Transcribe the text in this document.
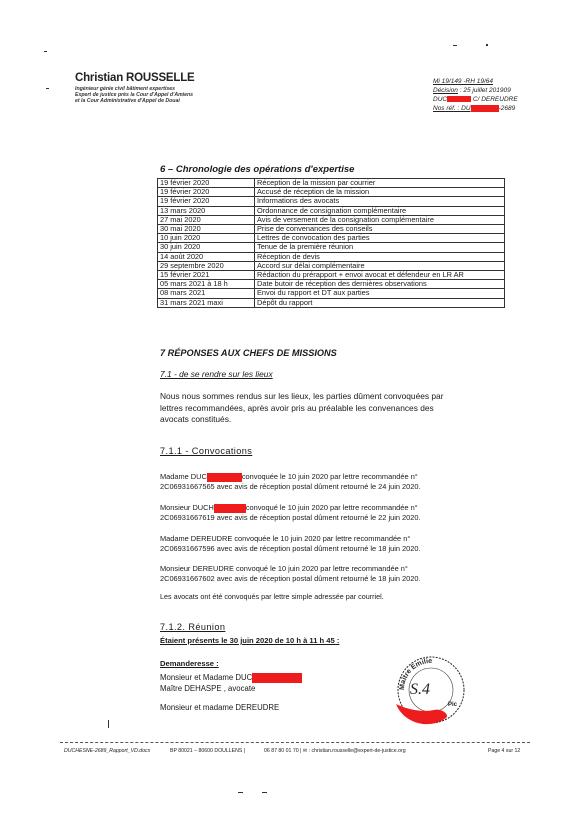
Christian ROUSSELLE
Ingénieur génie civil bâtiment expertises
Expert de justice près la Cour d'Appel d'Amiens
et la Cour Administrative d'Appel de Douai
Mi 19/149 -RH 19/64
Décision : 25 juillet 201909
DUC	C/ DEREUDRE
Nos réf. : DU	-2689
6 – Chronologie des opérations d'expertise
19 février 2020	Réception de la mission par courrier
19 février 2020	Accusé de réception de la mission
19 février 2020	Informations des avocats
13 mars 2020	Ordonnance de consignation complémentaire
27 mai 2020	Avis de versement de la consignation complémentaire
30 mai 2020	Prise de convenances des conseils
10 juin 2020	Lettres de convocation des parties
30 juin 2020	Tenue de la première réunion
14 août 2020	Réception de devis
29 septembre 2020	Accord sur délai complémentaire
15 février 2021	Rédaction du prérapport + envoi avocat et défendeur en LR AR
05 mars 2021 à 18 h	Date butoir de réception des dernières observations
08 mars 2021	Envoi du rapport et DT aux parties
31 mars 2021 maxi	Dépôt du rapport
7 RÉPONSES AUX CHEFS DE MISSIONS
7.1 - de se rendre sur les lieux
Nous nous sommes rendus sur les lieux, les parties dûment convoquées par lettres recommandées, après avoir pris au préalable les convenances des avocats constitués.
7.1.1 - Convocations
Madame DUC	convoquée le 10 juin 2020 par lettre recommandée n°
2C06931667565 avec avis de réception postal dûment retourné le 24 juin 2020.
Monsieur DUCH	convoqué le 10 juin 2020 par lettre recommandée n°
2C06931667619 avec avis de réception postal dûment retourné le 22 juin 2020.
Madame DEREUDRE convoquée le 10 juin 2020 par lettre recommandée n°
2C06931667596 avec avis de réception postal dûment retourné le 18 juin 2020.
Monsieur DEREUDRE convoqué le 10 juin 2020 par lettre recommandée n°
2C06931667602 avec avis de réception postal dûment retourné le 18 juin 2020.
Les avocats ont été convoqués par lettre simple adressée par courriel.
7.1.2. Réunion
Étaient présents le 30 juin 2020 de 10 h à 11 h 45 :
Demanderesse :
Monsieur et Madame DUC
Maître DEHASPE , avocate
Monsieur et madame DEREUDRE
Maître Emilie
Pic
S.4
DUCHESNE-2689_Rapport_VD.docx	BP 80021 – 80600 DOULLENS |	06 87 80 01 70 | ✉ : christian.rousselle@expert-de-justice.org	Page 4 sur 12
